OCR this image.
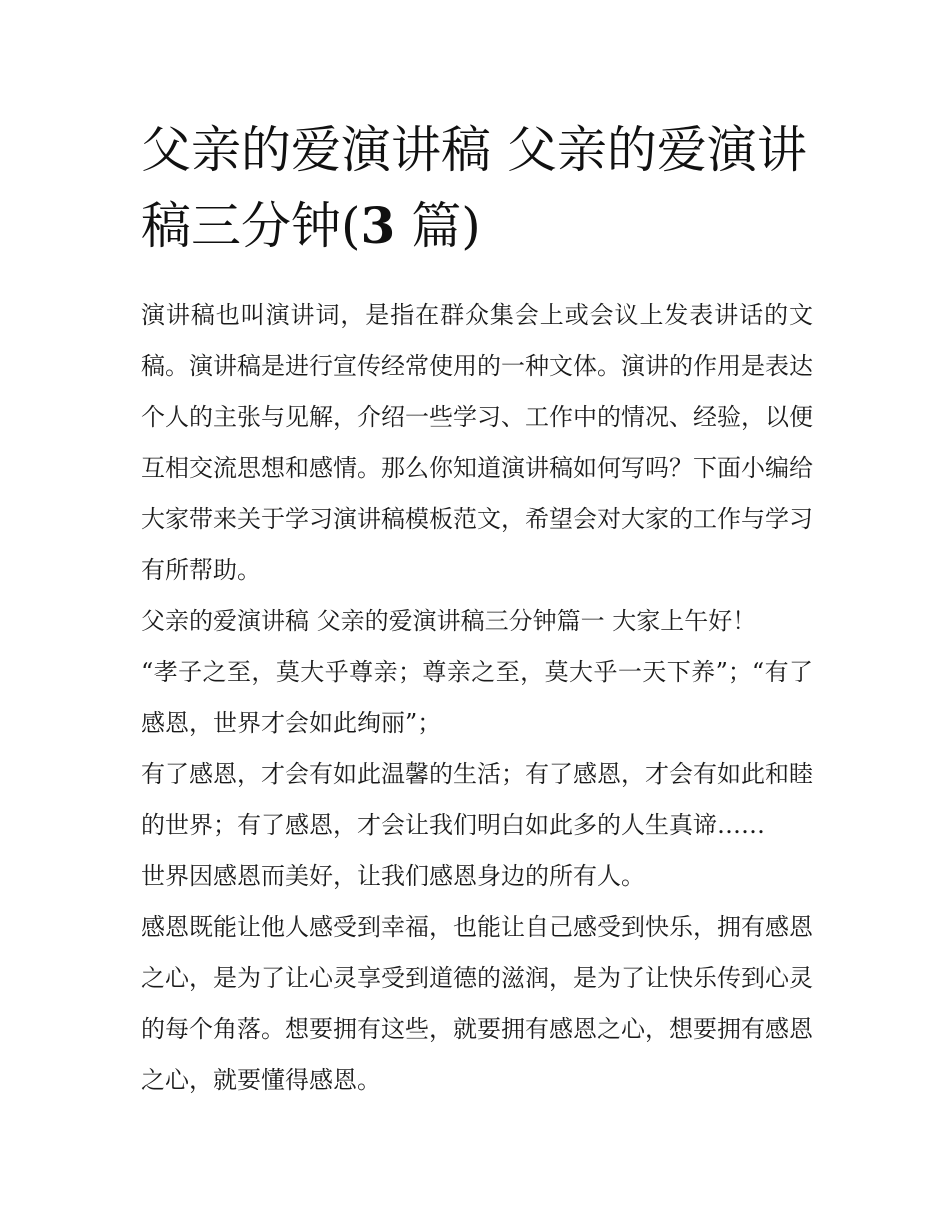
父亲的爱演讲稿 父亲的爱演讲稿三分钟(3 篇)

演讲稿也叫演讲词，是指在群众集会上或会议上发表讲话的文稿。演讲稿是进行宣传经常使用的一种文体。演讲的作用是表达个人的主张与见解，介绍一些学习、工作中的情况、经验，以便互相交流思想和感情。那么你知道演讲稿如何写吗？下面小编给大家带来关于学习演讲稿模板范文，希望会对大家的工作与学习有所帮助。

父亲的爱演讲稿 父亲的爱演讲稿三分钟篇一 大家上午好！

“孝子之至，莫大乎尊亲；尊亲之至，莫大乎一天下养”；“有了感恩，世界才会如此绚丽”；

有了感恩，才会有如此温馨的生活；有了感恩，才会有如此和睦的世界；有了感恩，才会让我们明白如此多的人生真谛……

世界因感恩而美好，让我们感恩身边的所有人。

感恩既能让他人感受到幸福，也能让自己感受到快乐，拥有感恩之心，是为了让心灵享受到道德的滋润，是为了让快乐传到心灵的每个角落。想要拥有这些，就要拥有感恩之心，想要拥有感恩之心，就要懂得感恩。
